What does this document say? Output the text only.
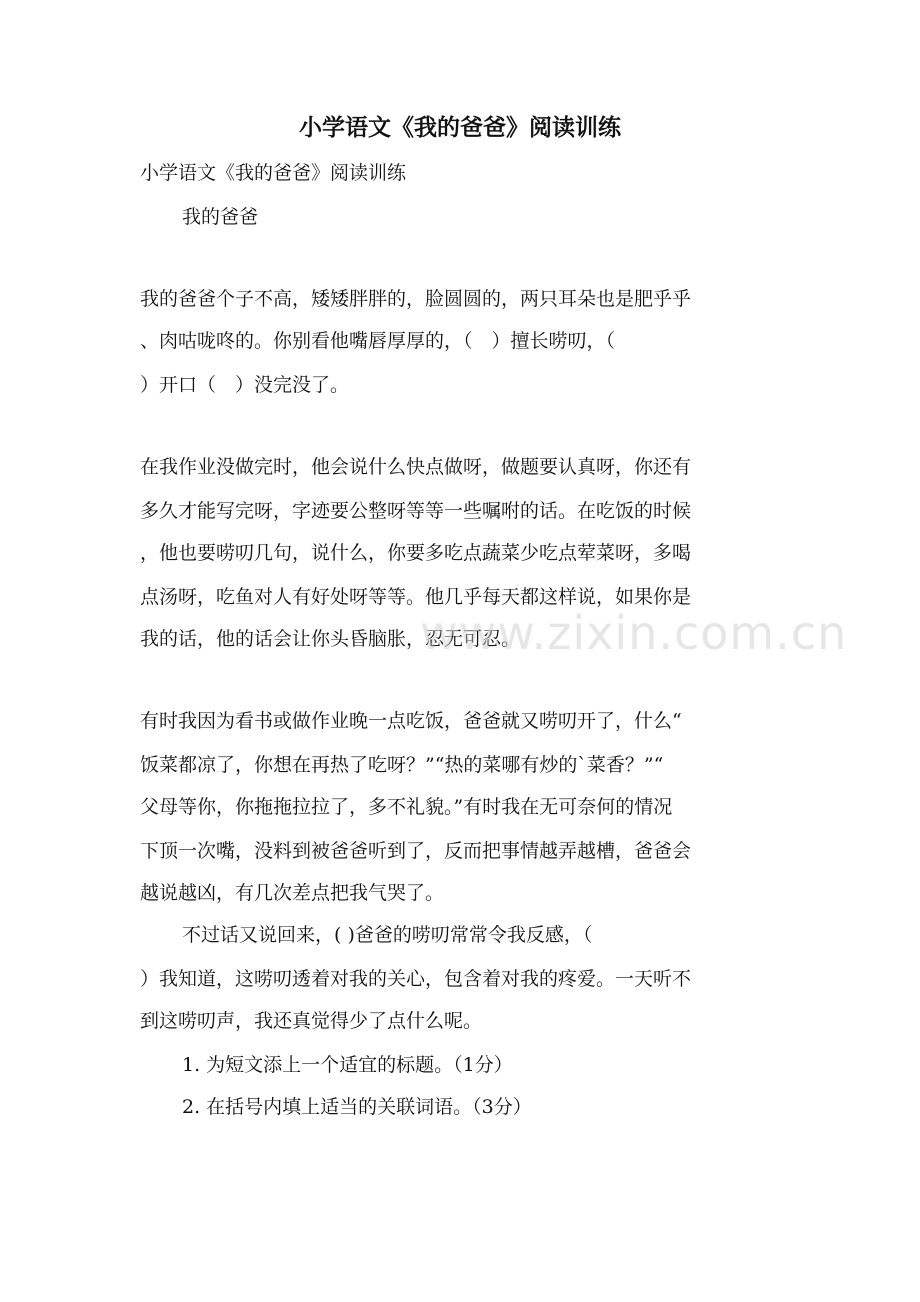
小学语文《我的爸爸》阅读训练
小学语文《我的爸爸》阅读训练
我的爸爸
我的爸爸个子不高，矮矮胖胖的，脸圆圆的，两只耳朵也是肥乎乎
、肉咕咙咚的。你别看他嘴唇厚厚的，（　）擅长唠叨，（
）开口（　）没完没了。
在我作业没做完时，他会说什么快点做呀，做题要认真呀，你还有
多久才能写完呀，字迹要公整呀等等一些嘱咐的话。在吃饭的时候
，他也要唠叨几句，说什么，你要多吃点蔬菜少吃点荤菜呀，多喝
点汤呀，吃鱼对人有好处呀等等。他几乎每天都这样说，如果你是
我的话，他的话会让你头昏脑胀，忍无可忍。
有时我因为看书或做作业晚一点吃饭，爸爸就又唠叨开了，什么“
饭菜都凉了，你想在再热了吃呀？”“热的菜哪有炒的`菜香？”“
父母等你，你拖拖拉拉了，多不礼貌。”有时我在无可奈何的情况
下顶一次嘴，没料到被爸爸听到了，反而把事情越弄越槽，爸爸会
越说越凶，有几次差点把我气哭了。
不过话又说回来，( )爸爸的唠叨常常令我反感，（
）我知道，这唠叨透着对我的关心，包含着对我的疼爱。一天听不
到这唠叨声，我还真觉得少了点什么呢。
1. 为短文添上一个适宜的标题。（1分）
2. 在括号内填上适当的关联词语。（3分）
www.zixin.com.cn
